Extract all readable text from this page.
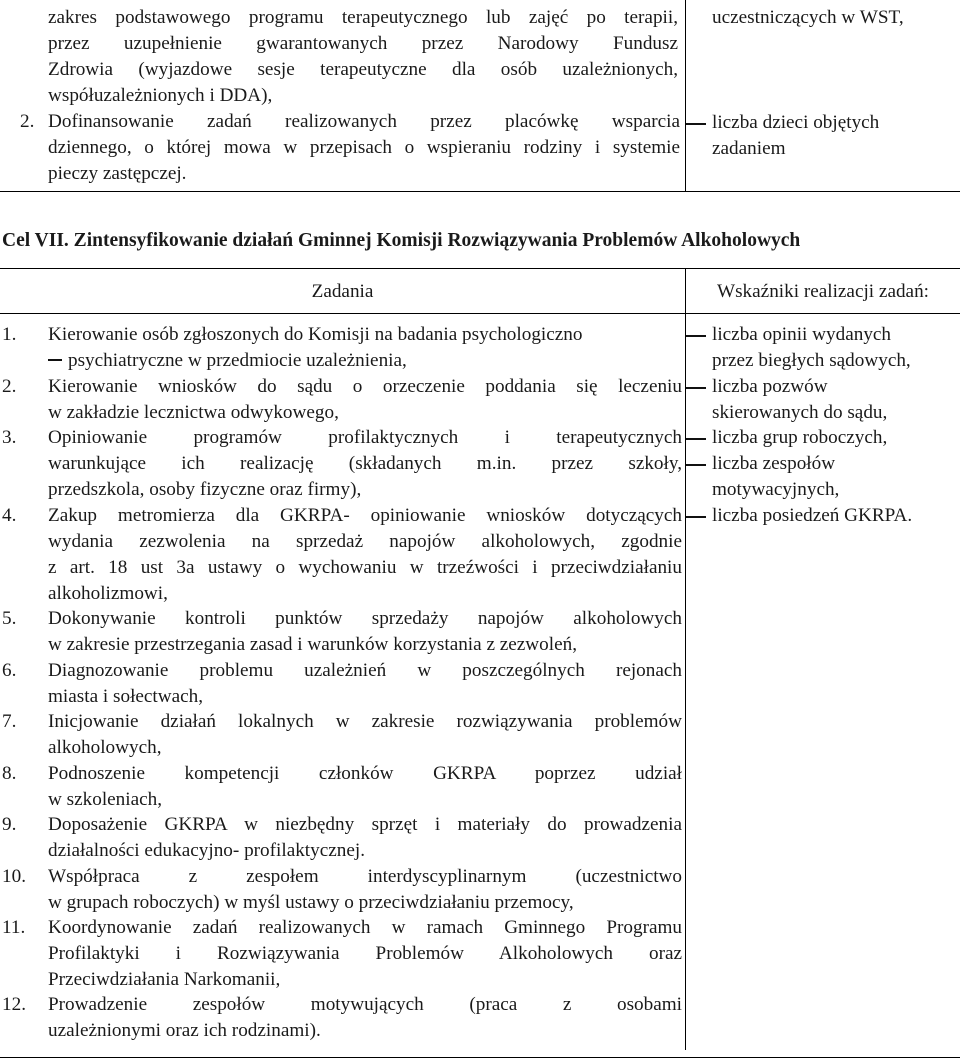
zakres podstawowego programu terapeutycznego lub zajęć po terapii,
przez uzupełnienie gwarantowanych przez Narodowy Fundusz
Zdrowia (wyjazdowe sesje terapeutyczne dla osób uzależnionych,
współuzależnionych i DDA),
2. Dofinansowanie zadań realizowanych przez placówkę wsparcia
dziennego, o której mowa w przepisach o wspieraniu rodziny i systemie
pieczy zastępczej.
uczestniczących w WST,
liczba dzieci objętych
zadaniem
Cel VII. Zintensyfikowanie działań Gminnej Komisji Rozwiązywania Problemów Alkoholowych
Zadania	Wskaźniki realizacji zadań:
1. Kierowanie osób zgłoszonych do Komisji na badania psychologiczno
psychiatryczne w przedmiocie uzależnienia,
2. Kierowanie wniosków do sądu o orzeczenie poddania się leczeniu
w zakładzie lecznictwa odwykowego,
3. Opiniowanie programów profilaktycznych i terapeutycznych
warunkujące ich realizację (składanych m.in. przez szkoły,
przedszkola, osoby fizyczne oraz firmy),
4. Zakup metromierza dla GKRPA- opiniowanie wniosków dotyczących
wydania zezwolenia na sprzedaż napojów alkoholowych, zgodnie
z art. 18 ust 3a ustawy o wychowaniu w trzeźwości i przeciwdziałaniu
alkoholizmowi,
5. Dokonywanie kontroli punktów sprzedaży napojów alkoholowych
w zakresie przestrzegania zasad i warunków korzystania z zezwoleń,
6. Diagnozowanie problemu uzależnień w poszczególnych rejonach
miasta i sołectwach,
7. Inicjowanie działań lokalnych w zakresie rozwiązywania problemów
alkoholowych,
8. Podnoszenie kompetencji członków GKRPA poprzez udział
w szkoleniach,
9. Doposażenie GKRPA w niezbędny sprzęt i materiały do prowadzenia
działalności edukacyjno- profilaktycznej.
10. Współpraca z zespołem interdyscyplinarnym (uczestnictwo
w grupach roboczych) w myśl ustawy o przeciwdziałaniu przemocy,
11. Koordynowanie zadań realizowanych w ramach Gminnego Programu
Profilaktyki i Rozwiązywania Problemów Alkoholowych oraz
Przeciwdziałania Narkomanii,
12. Prowadzenie zespołów motywujących (praca z osobami
uzależnionymi oraz ich rodzinami).
liczba opinii wydanych
przez biegłych sądowych,
liczba pozwów
skierowanych do sądu,
liczba grup roboczych,
liczba zespołów
motywacyjnych,
liczba posiedzeń GKRPA.
